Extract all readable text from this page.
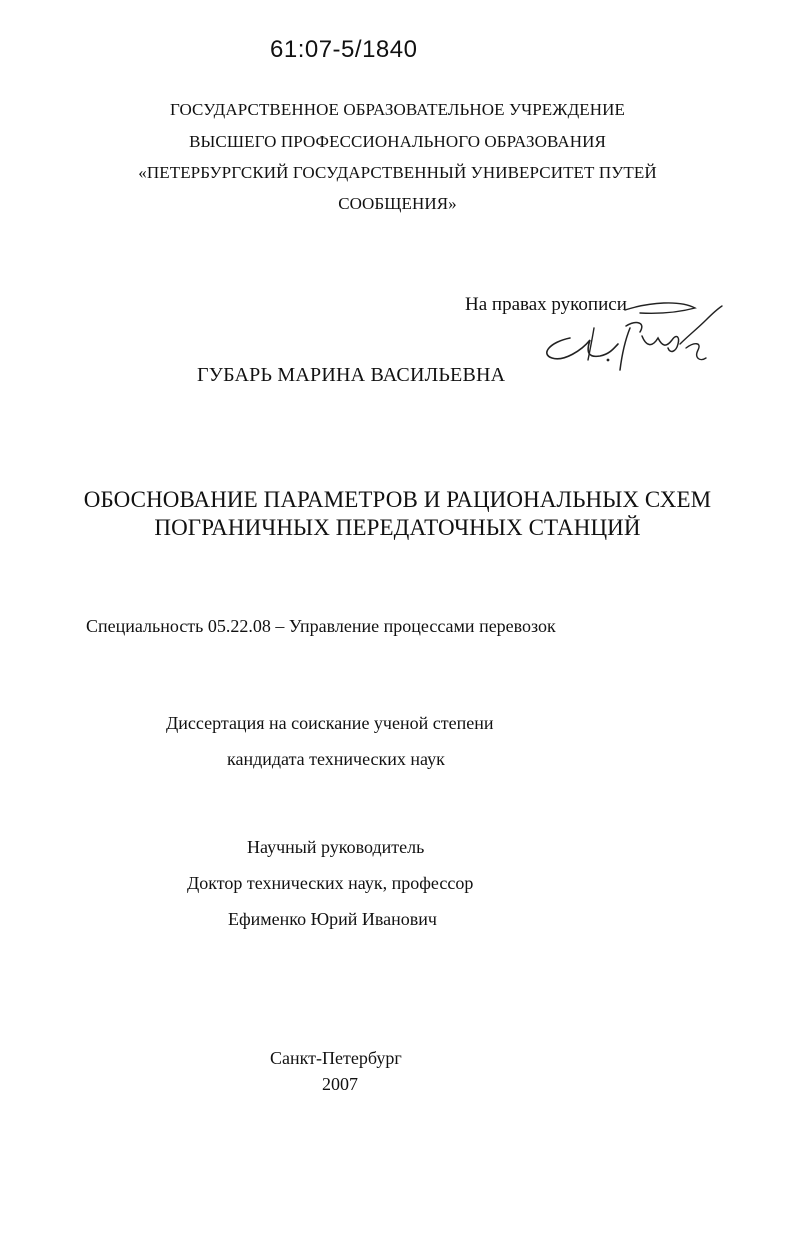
61:07-5/1840
ГОСУДАРСТВЕННОЕ ОБРАЗОВАТЕЛЬНОЕ УЧРЕЖДЕНИЕ
ВЫСШЕГО ПРОФЕССИОНАЛЬНОГО ОБРАЗОВАНИЯ
«ПЕТЕРБУРГСКИЙ ГОСУДАРСТВЕННЫЙ УНИВЕРСИТЕТ ПУТЕЙ
СООБЩЕНИЯ»
На правах рукописи
ГУБАРЬ МАРИНА ВАСИЛЬЕВНА
ОБОСНОВАНИЕ ПАРАМЕТРОВ И РАЦИОНАЛЬНЫХ СХЕМ
ПОГРАНИЧНЫХ ПЕРЕДАТОЧНЫХ СТАНЦИЙ
Специальность 05.22.08 – Управление процессами перевозок
Диссертация на соискание ученой степени
кандидата технических наук
Научный руководитель
Доктор технических наук, профессор
Ефименко Юрий Иванович
Санкт-Петербург
2007
